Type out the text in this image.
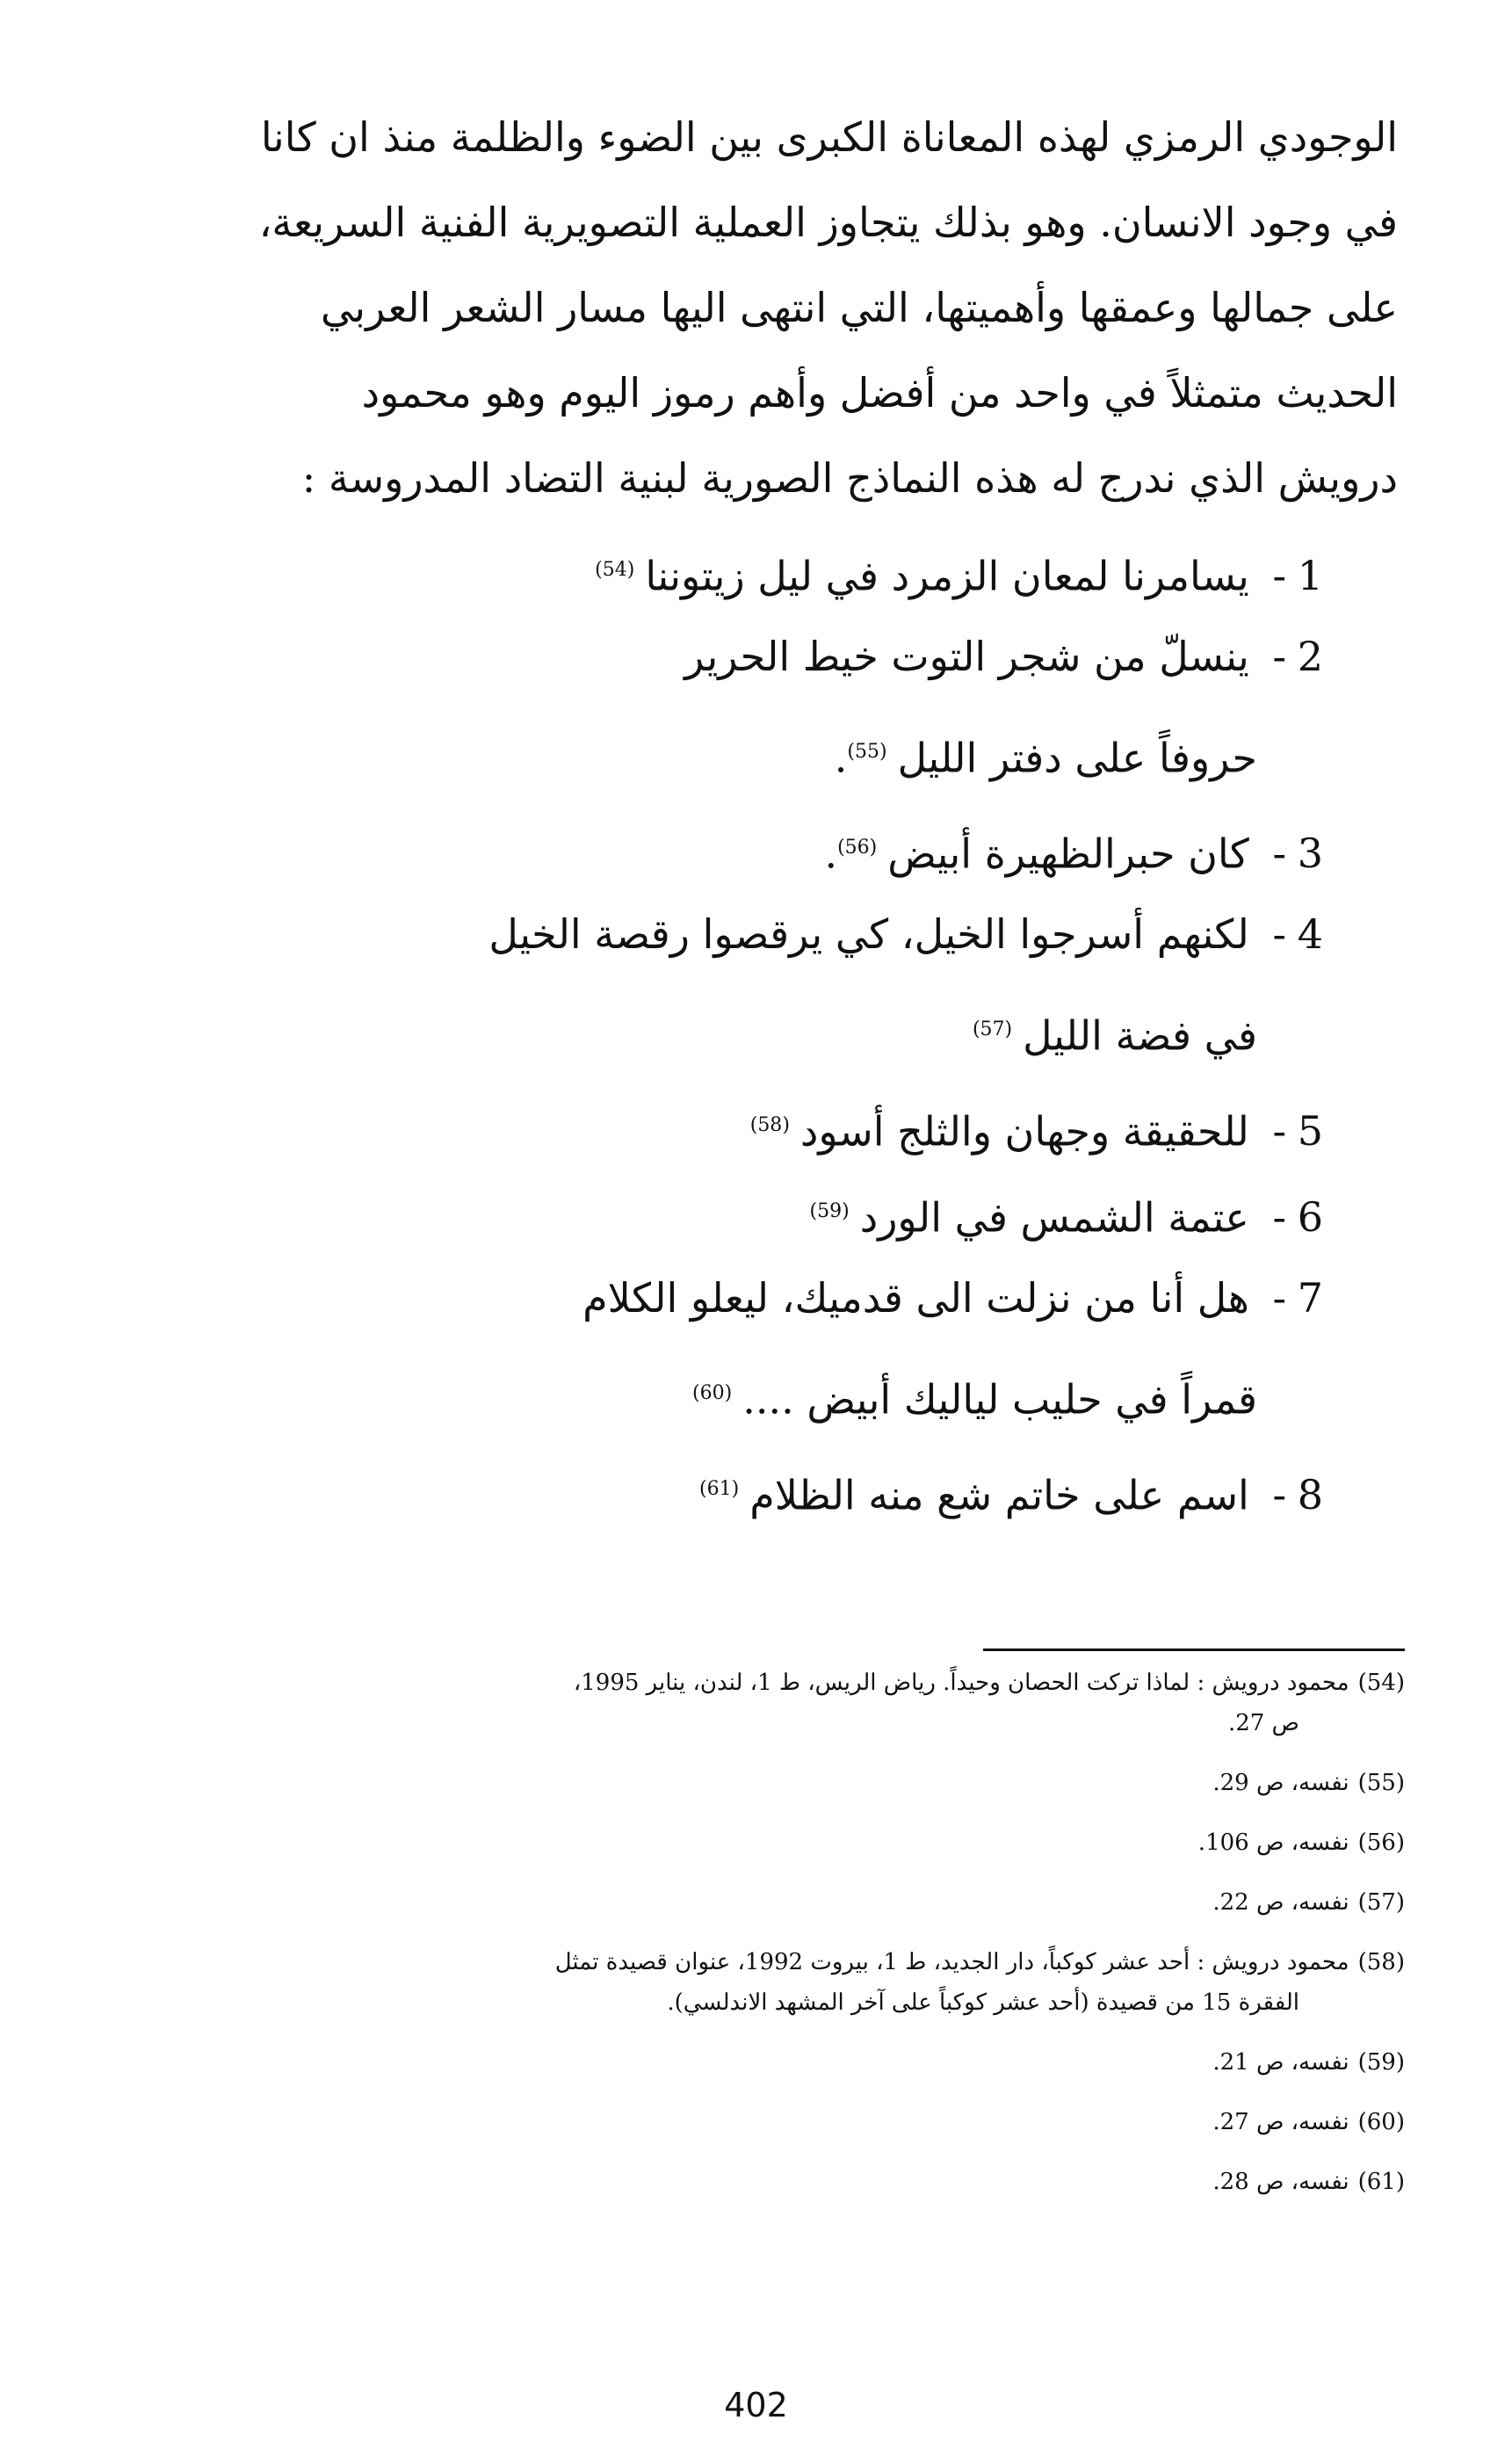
الوجودي الرمزي لهذه المعاناة الكبرى بين الضوء والظلمة منذ ان كانا

في وجود الانسان. وهو بذلك يتجاوز العملية التصويرية الفنية السريعة،

على جمالها وعمقها وأهميتها، التي انتهى اليها مسار الشعر العربي

الحديث متمثلاً في واحد من أفضل وأهم رموز اليوم وهو محمود

درويش الذي ندرج له هذه النماذج الصورية لبنية التضاد المدروسة :

1- يسامرنا لمعان الزمرد في ليل زيتوننا$^{(54)}$
2- ينسلّ من شجر التوت خيط الحرير
حروفاً على دفتر الليل$^{(55)}$.
3- كان حبرالظهيرة أبيض$^{(56)}$.
4- لكنهم أسرجوا الخيل، كي يرقصوا رقصة الخيل
في فضة الليل$^{(57)}$
5- للحقيقة وجهان والثلج أسود$^{(58)}$
6- عتمة الشمس في الورد$^{(59)}$
7- هل أنا من نزلت الى قدميك، ليعلو الكلام
قمراً في حليب لياليك أبيض ....$^{(60)}$
8- اسم على خاتم شع منه الظلام$^{(61)}$
(54)محمود درويش : لماذا تركت الحصان وحيداً. رياض الريس، ط 1، لندن، يناير 1995،
ص 27.
(55)نفسه، ص 29.
(56)نفسه، ص 106.
(57)نفسه، ص 22.
(58)محمود درويش : أحد عشر كوكباً، دار الجديد، ط 1، بيروت 1992، عنوان قصيدة تمثل
الفقرة 15 من قصيدة (أحد عشر كوكباً على آخر المشهد الاندلسي).
(59)نفسه، ص 21.
(60)نفسه، ص 27.
(61)نفسه، ص 28.
402
